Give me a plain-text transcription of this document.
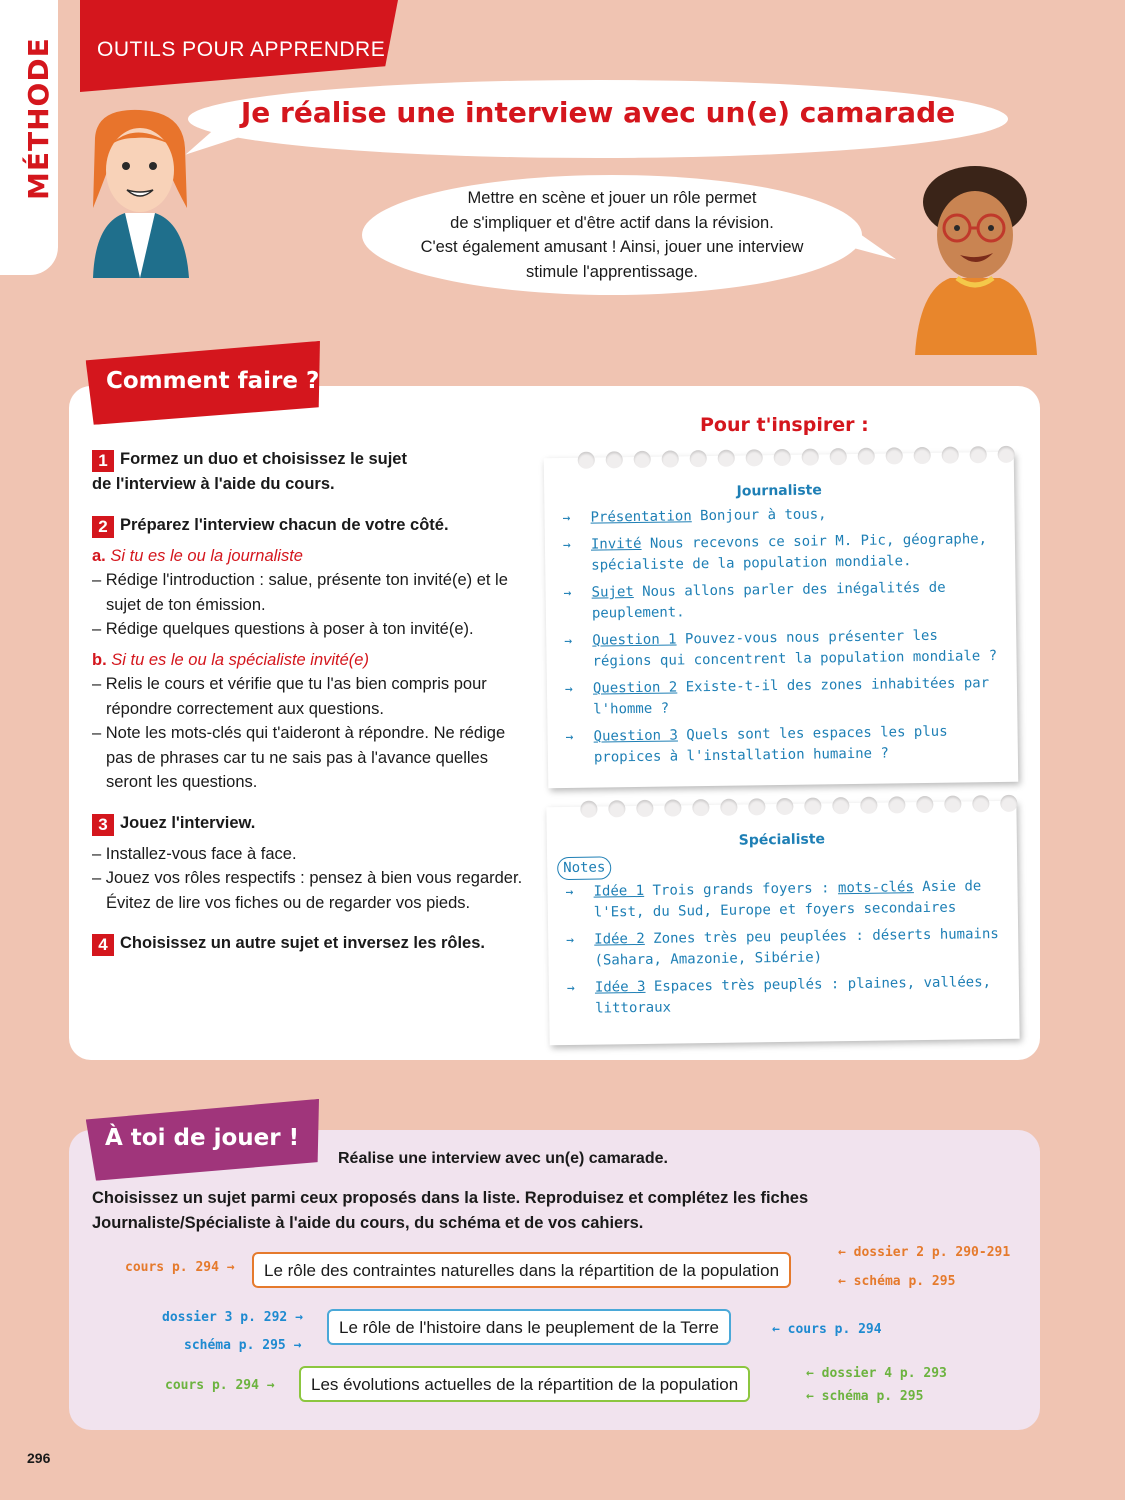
MÉTHODE OUTILS POUR APPRENDRE
Je réalise une interview avec un(e) camarade
Mettre en scène et jouer un rôle permet
de s'impliquer et d'être actif dans la révision.
C'est également amusant ! Ainsi, jouer une interview
stimule l'apprentissage.
Comment faire ?
1 Formez un duo et choisissez le sujet
de l'interview à l'aide du cours.
2 Préparez l'interview chacun de votre côté.
a. Si tu es le ou la journaliste
– Rédige l'introduction : salue, présente ton invité(e) et le sujet de ton émission.
– Rédige quelques questions à poser à ton invité(e).
b. Si tu es le ou la spécialiste invité(e)
– Relis le cours et vérifie que tu l'as bien compris pour répondre correctement aux questions.
– Note les mots-clés qui t'aideront à répondre. Ne rédige pas de phrases car tu ne sais pas à l'avance quelles seront les questions.
3 Jouez l'interview.
– Installez-vous face à face.
– Jouez vos rôles respectifs : pensez à bien vous regarder. Évitez de lire vos fiches ou de regarder vos pieds.
4 Choisissez un autre sujet et inversez les rôles.
Pour t'inspirer :
Journaliste
→	Présentation Bonjour à tous,
→	Invité Nous recevons ce soir M. Pic, géographe, spécialiste de la population mondiale.
→	Sujet Nous allons parler des inégalités de peuplement.
→	Question 1 Pouvez-vous nous présenter les régions qui concentrent la population mondiale ?
→	Question 2 Existe-t-il des zones inhabitées par l'homme ?
→	Question 3 Quels sont les espaces les plus propices à l'installation humaine ?
Spécialiste
Notes
→	Idée 1 Trois grands foyers : mots-clés Asie de l'Est, du Sud, Europe et foyers secondaires
→	Idée 2 Zones très peu peuplées : déserts humains (Sahara, Amazonie, Sibérie)
→	Idée 3 Espaces très peuplés : plaines, vallées, littoraux
À toi de jouer !
Réalise une interview avec un(e) camarade.
Choisissez un sujet parmi ceux proposés dans la liste. Reproduisez et complétez les fiches
Journaliste/Spécialiste à l'aide du cours, du schéma et de vos cahiers.
Le rôle des contraintes naturelles dans la répartition de la population
Le rôle de l'histoire dans le peuplement de la Terre
Les évolutions actuelles de la répartition de la population
cours p. 294 →
← dossier 2 p. 290-291
← schéma p. 295
dossier 3 p. 292 →
schéma p. 295 →
← cours p. 294
cours p. 294 →
← dossier 4 p. 293
← schéma p. 295
296
